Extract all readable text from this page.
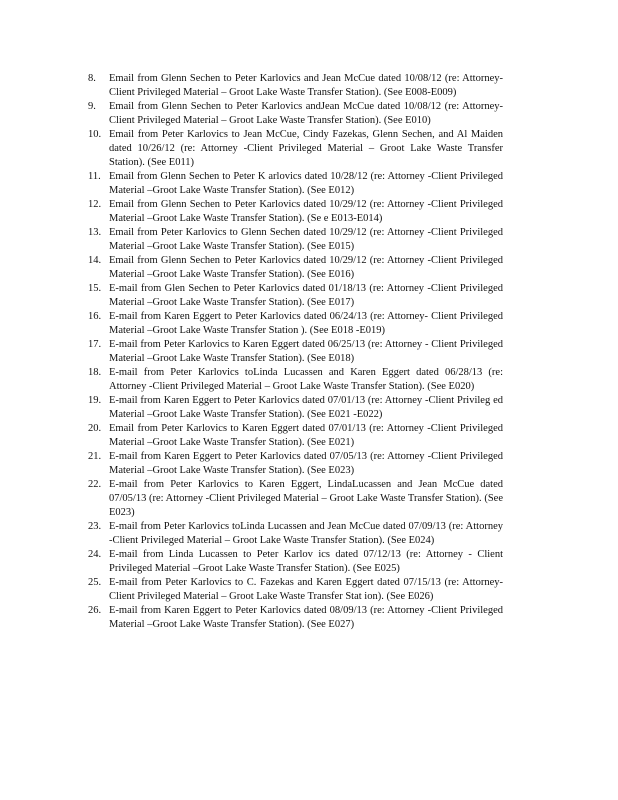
8.	Email from Glenn Sechen to Peter Karlovics and Jean McCue dated 10/08/12 (re: Attorney- Client Privileged Material – Groot Lake Waste Transfer Station). (See E008-E009)
9.	Email from Glenn Sechen to Peter Karlovics andJean McCue dated 10/08/12 (re: Attorney- Client Privileged Material – Groot Lake Waste Transfer Station). (See E010)
10. Email from Peter Karlovics to Jean McCue, Cindy Fazekas, Glenn Sechen, and Al Maiden dated 10/26/12 (re: Attorney -Client Privileged Material – Groot Lake Waste Transfer Station). (See E011)
11. Email from Glenn Sechen to Peter K arlovics dated 10/28/12 (re: Attorney -Client Privileged Material –Groot Lake Waste Transfer Station). (See E012)
12. Email from Glenn Sechen to Peter Karlovics dated 10/29/12 (re: Attorney -Client Privileged Material –Groot Lake Waste Transfer Station). (Se e E013-E014)
13. Email from Peter Karlovics to Glenn Sechen dated 10/29/12 (re: Attorney -Client Privileged Material –Groot Lake Waste Transfer Station). (See E015)
14. Email from Glenn Sechen to Peter Karlovics dated 10/29/12 (re: Attorney -Client Privileged Material –Groot Lake Waste Transfer Station). (See E016)
15. E-mail from Glen Sechen to Peter Karlovics dated 01/18/13 (re: Attorney -Client Privileged Material –Groot Lake Waste Transfer Station). (See E017)
16. E-mail from Karen Eggert to Peter Karlovics dated 06/24/13 (re: Attorney- Client Privileged Material –Groot Lake Waste Transfer Station ). (See E018 -E019)
17. E-mail from Peter Karlovics to Karen Eggert dated 06/25/13 (re: Attorney - Client Privileged Material –Groot Lake Waste Transfer Station). (See E018)
18. E-mail from Peter Karlovics toLinda Lucassen and Karen Eggert dated 06/28/13 (re: Attorney -Client Privileged Material – Groot Lake Waste Transfer Station). (See E020)
19. E-mail from Karen Eggert to Peter Karlovics dated 07/01/13 (re: Attorney -Client Privileg ed Material –Groot Lake Waste Transfer Station). (See E021 -E022)
20. Email from Peter Karlovics to Karen Eggert dated 07/01/13 (re: Attorney -Client Privileged Material –Groot Lake Waste Transfer Station). (See E021)
21. E-mail from Karen Eggert to Peter Karlovics dated 07/05/13 (re: Attorney -Client Privileged Material –Groot Lake Waste Transfer Station). (See E023)
22. E-mail from Peter Karlovics to Karen Eggert, LindaLucassen and Jean McCue dated 07/05/13 (re: Attorney -Client Privileged Material – Groot Lake Waste Transfer Station). (See E023)
23. E-mail from Peter Karlovics toLinda Lucassen and Jean McCue dated 07/09/13 (re: Attorney -Client Privileged Material – Groot Lake Waste Transfer Station). (See E024)
24. E-mail from Linda Lucassen to Peter Karlov ics dated 07/12/13 (re: Attorney - Client Privileged Material –Groot Lake Waste Transfer Station). (See E025)
25. E-mail from Peter Karlovics to C. Fazekas and Karen Eggert dated 07/15/13 (re: Attorney- Client Privileged Material – Groot Lake Waste Transfer Stat ion). (See E026)
26. E-mail from Karen Eggert to Peter Karlovics dated 08/09/13 (re: Attorney -Client Privileged Material –Groot Lake Waste Transfer Station). (See E027)
